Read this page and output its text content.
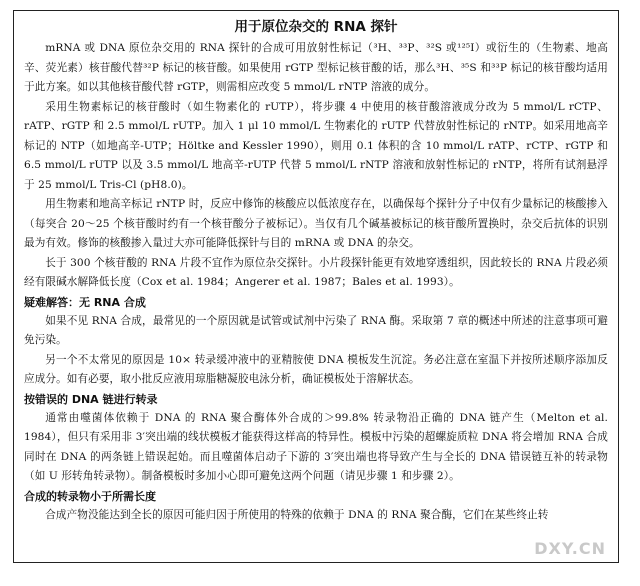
用于原位杂交的 RNA 探针

mRNA 或 DNA 原位杂交用的 RNA 探针的合成可用放射性标记（³H、³³P、³²S 或¹²⁵I）或衍生的（生物素、地高辛、荧光素）核苷酸代替³²P 标记的核苷酸。如果使用 rGTP 型标记核苷酸的话，那么³H、³⁵S 和³³P 标记的核苷酸均适用于此方案。如以其他核苷酸代替 rGTP，则需相应改变 5 mmol/L rNTP 溶液的成分。

采用生物素标记的核苷酸时（如生物素化的 rUTP），将步骤 4 中使用的核苷酸溶液成分改为 5 mmol/L rCTP、rATP、rGTP 和 2.5 mmol/L rUTP。加入 1 μl 10 mmol/L 生物素化的 rUTP 代替放射性标记的 rNTP。如采用地高辛标记的 NTP（如地高辛-UTP；Höltke and Kessler 1990），则用 0.1 体积的含 10 mmol/L rATP、rCTP、rGTP 和 6.5 mmol/L rUTP 以及 3.5 mmol/L 地高辛-rUTP 代替 5 mmol/L rNTP 溶液和放射性标记的 rNTP，将所有试剂悬浮于 25 mmol/L Tris-Cl (pH8.0)。

用生物素和地高辛标记 rNTP 时，反应中修饰的核酸应以低浓度存在，以确保每个探针分子中仅有少量标记的核酸掺入（每突合 20～25 个核苷酸时约有一个核苷酸分子被标记）。当仅有几个碱基被标记的核苷酸所置换时，杂交后抗体的识别最为有效。修饰的核酸掺入量过大亦可能降低探针与目的 mRNA 或 DNA 的杂交。

长于 300 个核苷酸的 RNA 片段不宜作为原位杂交探针。小片段探针能更有效地穿透组织，因此较长的 RNA 片段必须经有限碱水解降低长度（Cox et al. 1984；Angerer et al. 1987；Bales et al. 1993）。

疑难解答：无 RNA 合成

如果不见 RNA 合成，最常见的一个原因就是试管或试剂中污染了 RNA 酶。采取第 7 章的概述中所述的注意事项可避免污染。

另一个不太常见的原因是 10× 转录缓冲液中的亚精胺使 DNA 模板发生沉淀。务必注意在室温下并按所述顺序添加反应成分。如有必要，取小批反应液用琼脂糖凝胶电泳分析，确证模板处于溶解状态。

按错误的 DNA 链进行转录

通常由噬菌体依赖于 DNA 的 RNA 聚合酶体外合成的＞99.8% 转录物沿正确的 DNA 链产生（Melton et al. 1984），但只有采用非 3′突出端的线状模板才能获得这样高的特异性。模板中污染的超螺旋质粒 DNA 将会增加 RNA 合成同时在 DNA 的两条链上错误起始。而且噬菌体启动子下游的 3′突出端也将导致产生与全长的 DNA 错误链互补的转录物（如 U 形转角转录物）。制备模板时多加小心即可避免这两个问题（请见步骤 1 和步骤 2）。

合成的转录物小于所需长度

合成产物没能达到全长的原因可能归因于所使用的特殊的依赖于 DNA 的 RNA 聚合酶，它们在某些终止转

DXY.CN
